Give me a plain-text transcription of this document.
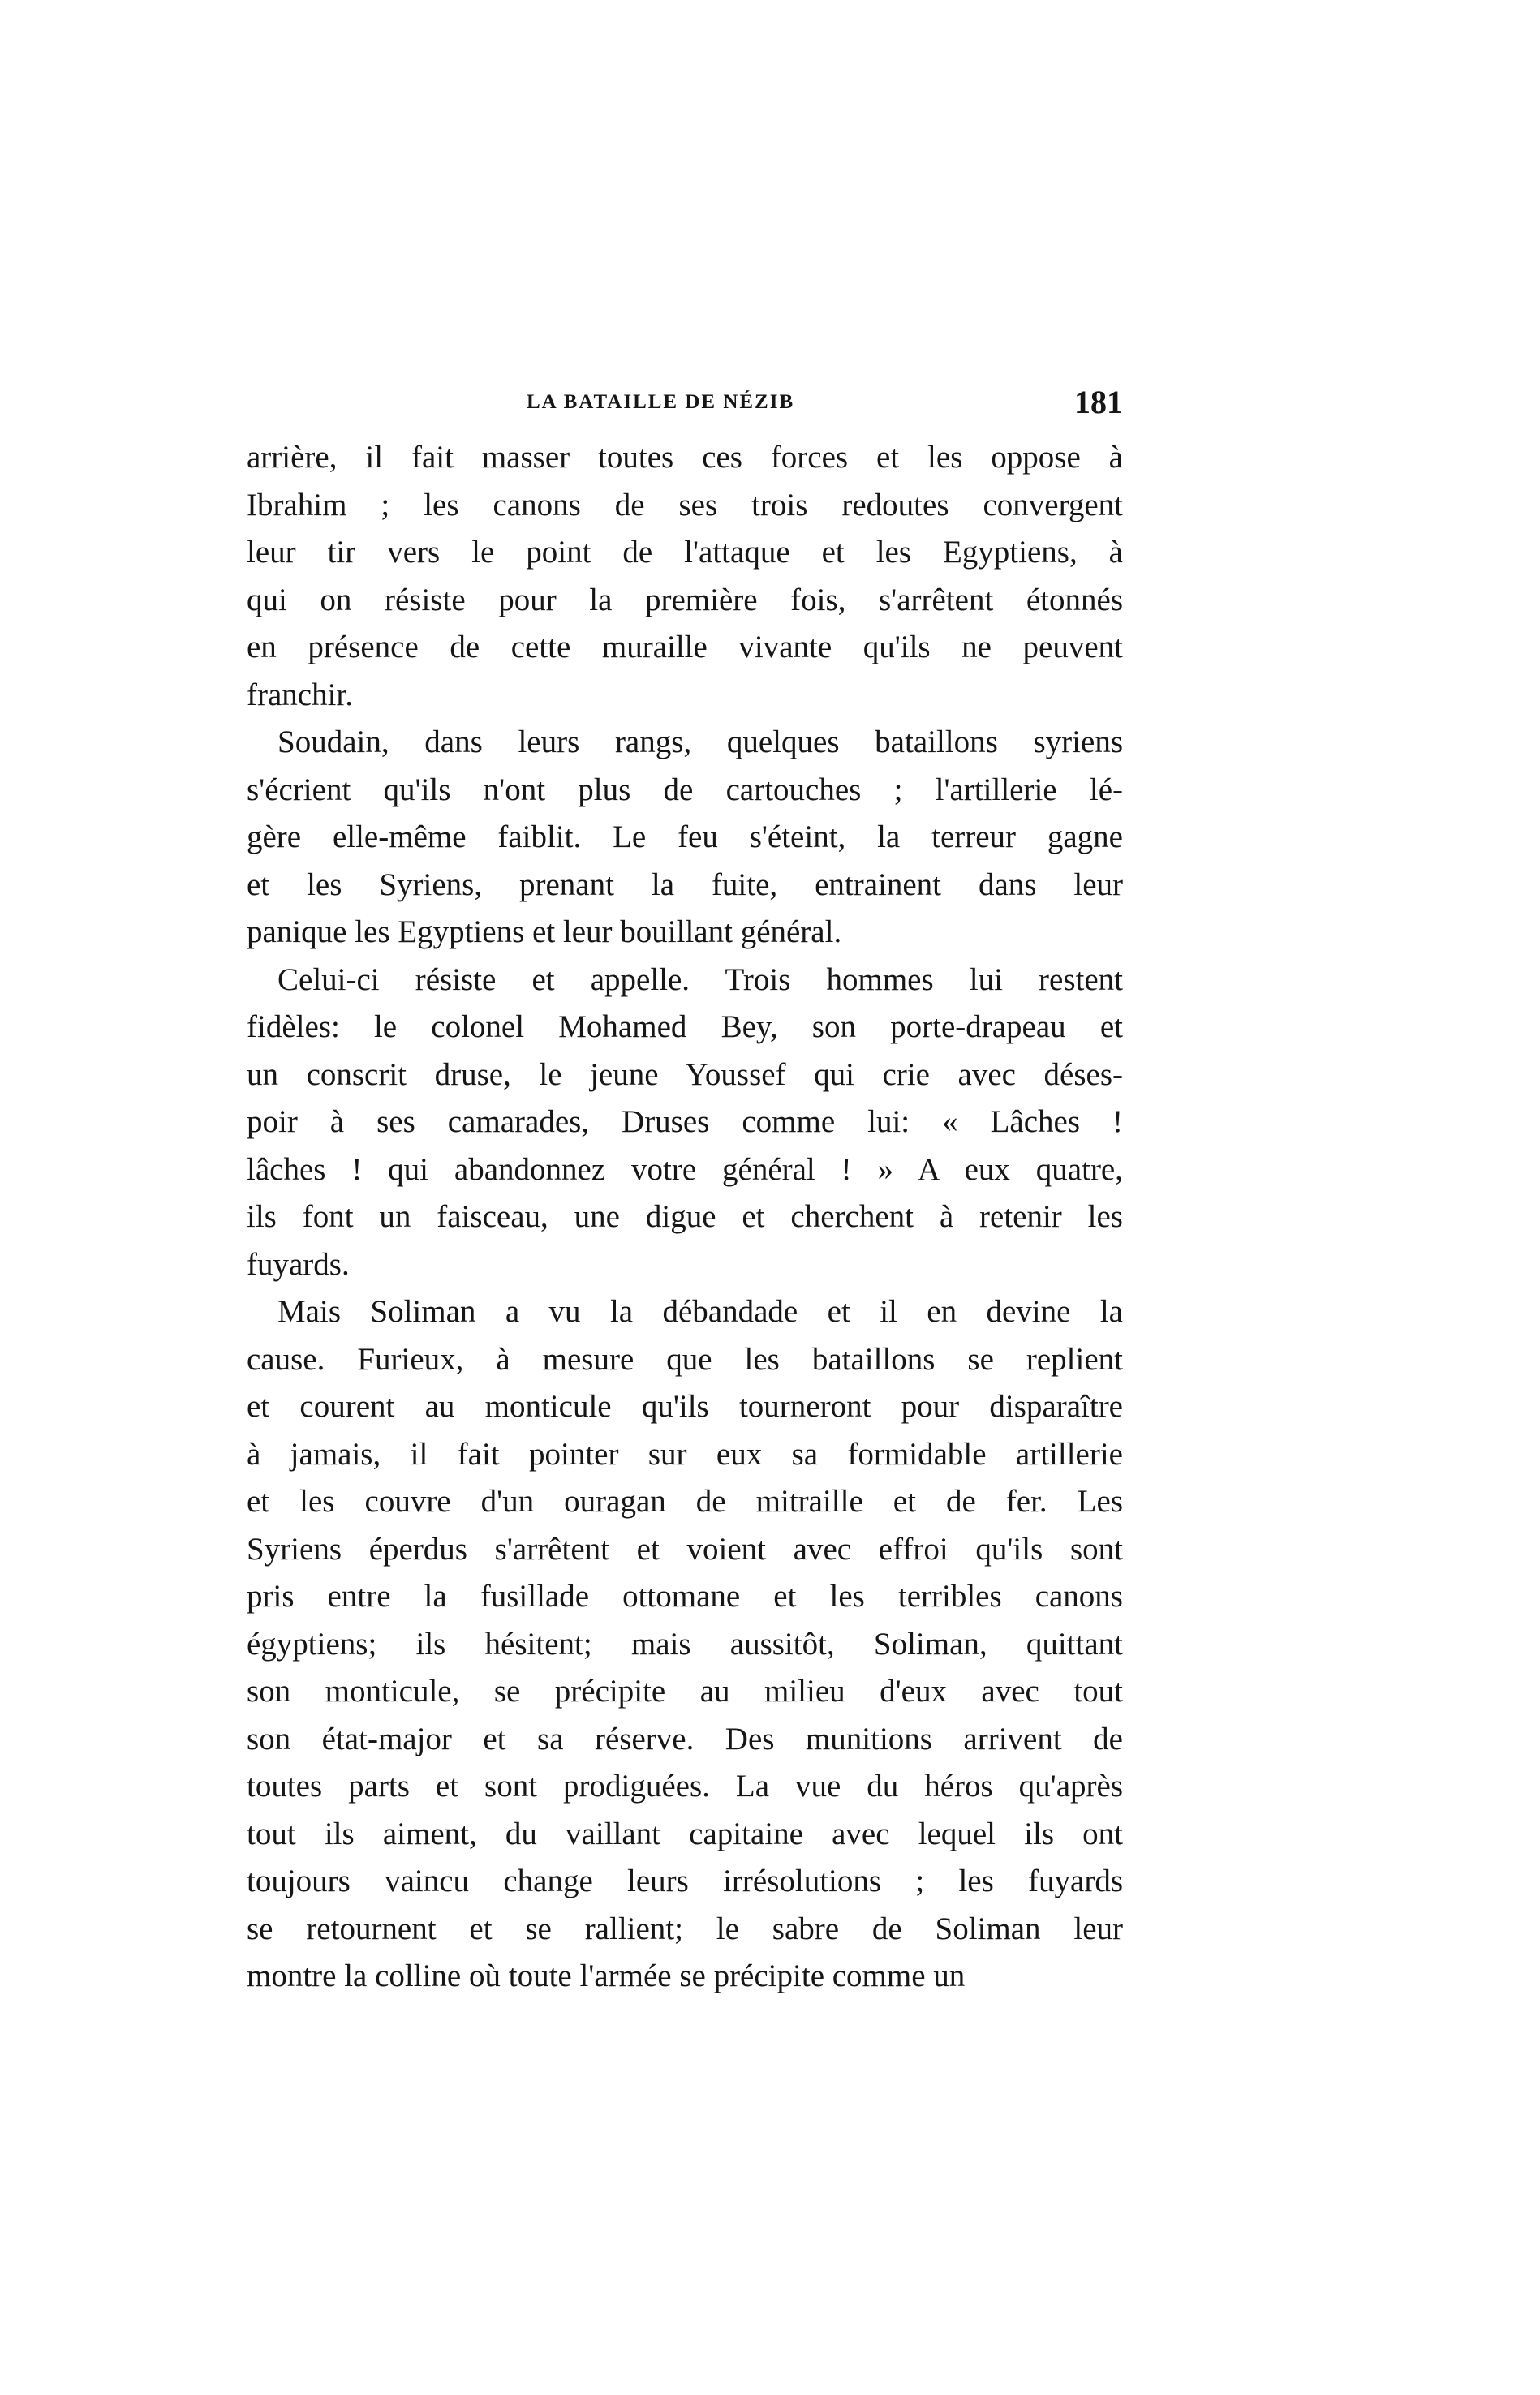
LA BATAILLE DE NÉZIB	181
arrière, il fait masser toutes ces forces et les oppose à
Ibrahim ; les canons de ses trois redoutes convergent
leur tir vers le point de l'attaque et les Egyptiens, à
qui on résiste pour la première fois, s'arrêtent étonnés
en présence de cette muraille vivante qu'ils ne peuvent
franchir.
Soudain, dans leurs rangs, quelques bataillons syriens
s'écrient qu'ils n'ont plus de cartouches ; l'artillerie lé-
gère elle-même faiblit. Le feu s'éteint, la terreur gagne
et les Syriens, prenant la fuite, entrainent dans leur
panique les Egyptiens et leur bouillant général.
Celui-ci résiste et appelle. Trois hommes lui restent
fidèles: le colonel Mohamed Bey, son porte-drapeau et
un conscrit druse, le jeune Youssef qui crie avec déses-
poir à ses camarades, Druses comme lui: « Lâches !
lâches ! qui abandonnez votre général ! » A eux quatre,
ils font un faisceau, une digue et cherchent à retenir les
fuyards.
Mais Soliman a vu la débandade et il en devine la
cause. Furieux, à mesure que les bataillons se replient
et courent au monticule qu'ils tourneront pour disparaître
à jamais, il fait pointer sur eux sa formidable artillerie
et les couvre d'un ouragan de mitraille et de fer. Les
Syriens éperdus s'arrêtent et voient avec effroi qu'ils sont
pris entre la fusillade ottomane et les terribles canons
égyptiens; ils hésitent; mais aussitôt, Soliman, quittant
son monticule, se précipite au milieu d'eux avec tout
son état-major et sa réserve. Des munitions arrivent de
toutes parts et sont prodiguées. La vue du héros qu'après
tout ils aiment, du vaillant capitaine avec lequel ils ont
toujours vaincu change leurs irrésolutions ; les fuyards
se retournent et se rallient; le sabre de Soliman leur
montre la colline où toute l'armée se précipite comme un
